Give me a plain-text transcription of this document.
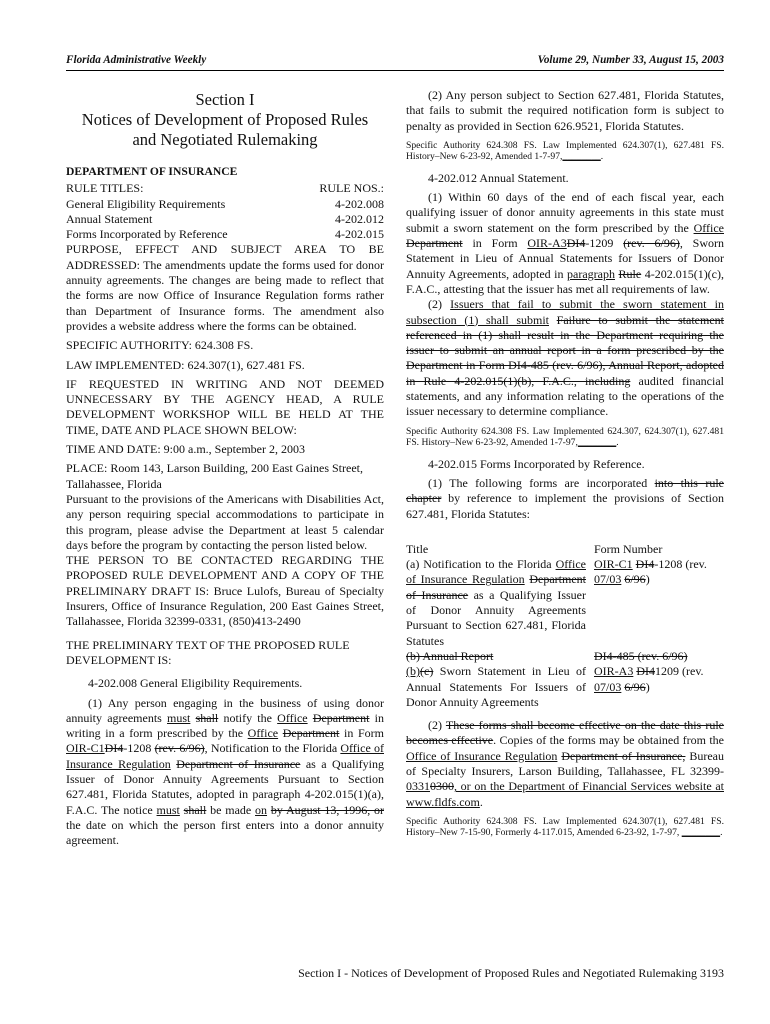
Florida Administrative Weekly	Volume 29, Number 33, August 15, 2003
Section I
Notices of Development of Proposed Rules
and Negotiated Rulemaking

DEPARTMENT OF INSURANCE

RULE TITLES:	RULE NOS.:
General Eligibility Requirements	4-202.008
Annual Statement	4-202.012
Forms Incorporated by Reference	4-202.015

PURPOSE, EFFECT AND SUBJECT AREA TO BE ADDRESSED: The amendments update the forms used for donor annuity agreements. The changes are being made to reflect that the forms are now Office of Insurance Regulation forms rather than Department of Insurance forms. The amendment also provides a website address where the forms can be obtained.

SPECIFIC AUTHORITY: 624.308 FS.

LAW IMPLEMENTED: 624.307(1), 627.481 FS.

IF REQUESTED IN WRITING AND NOT DEEMED UNNECESSARY BY THE AGENCY HEAD, A RULE DEVELOPMENT WORKSHOP WILL BE HELD AT THE TIME, DATE AND PLACE SHOWN BELOW:

TIME AND DATE: 9:00 a.m., September 2, 2003

PLACE: Room 143, Larson Building, 200 East Gaines Street, Tallahassee, Florida

Pursuant to the provisions of the Americans with Disabilities Act, any person requiring special accommodations to participate in this program, please advise the Department at least 5 calendar days before the program by contacting the person listed below.

THE PERSON TO BE CONTACTED REGARDING THE PROPOSED RULE DEVELOPMENT AND A COPY OF THE PRELIMINARY DRAFT IS: Bruce Lulofs, Bureau of Specialty Insurers, Office of Insurance Regulation, 200 East Gaines Street, Tallahassee, Florida 32399-0331, (850)413-2490

THE PRELIMINARY TEXT OF THE PROPOSED RULE DEVELOPMENT IS:

4-202.008 General Eligibility Requirements.

(1) Any person engaging in the business of using donor annuity agreements must shall notify the Office Department in writing in a form prescribed by the Office Department in Form OIR-C1DI4-1208 (rev. 6/96), Notification to the Florida Office of Insurance Regulation Department of Insurance as a Qualifying Issuer of Donor Annuity Agreements Pursuant to Section 627.481, Florida Statutes, adopted in paragraph 4-202.015(1)(a), F.A.C. The notice must shall be made on by August 13, 1996, or the date on which the person first enters into a donor annuity agreement.

(2) Any person subject to Section 627.481, Florida Statutes, that fails to submit the required notification form is subject to penalty as provided in Section 626.9521, Florida Statutes.

Specific Authority 624.308 FS. Law Implemented 624.307(1), 627.481 FS. History–New 6-23-92, Amended 1-7-97,________.

4-202.012 Annual Statement.

(1) Within 60 days of the end of each fiscal year, each qualifying issuer of donor annuity agreements in this state must submit a sworn statement on the form prescribed by the Office Department in Form OIR-A3DI4-1209 (rev. 6/96), Sworn Statement in Lieu of Annual Statements for Issuers of Donor Annuity Agreements, adopted in paragraph Rule 4-202.015(1)(c), F.A.C., attesting that the issuer has met all requirements of law.

(2) Issuers that fail to submit the sworn statement in subsection (1) shall submit Failure to submit the statement referenced in (1) shall result in the Department requiring the issuer to submit an annual report in a form prescribed by the Department in Form DI4-485 (rev. 6/96), Annual Report, adopted in Rule 4-202.015(1)(b), F.A.C., including audited financial statements, and any information relating to the operations of the issuer necessary to determine compliance.

Specific Authority 624.308 FS. Law Implemented 624.307, 624.307(1), 627.481 FS. History–New 6-23-92, Amended 1-7-97,________.

4-202.015 Forms Incorporated by Reference.

(1) The following forms are incorporated into this rule chapter by reference to implement the provisions of Section 627.481, Florida Statutes:

Title	Form Number
(a) Notification to the Florida Office of Insurance Regulation Department of Insurance as a Qualifying Issuer of Donor Annuity Agreements Pursuant to Section 627.481, Florida Statutes	OIR-C1 DI4-1208 (rev. 07/03 6/96)
(b) Annual Report	DI4-485 (rev. 6/96)
(b)(c) Sworn Statement in Lieu of Annual Statements For Issuers of Donor Annuity Agreements	OIR-A3 DI41209 (rev. 07/03 6/96)

(2) These forms shall become effective on the date this rule becomes effective. Copies of the forms may be obtained from the Office of Insurance Regulation Department of Insurance, Bureau of Specialty Insurers, Larson Building, Tallahassee, FL 32399-03310300, or on the Department of Financial Services website at www.fldfs.com.

Specific Authority 624.308 FS. Law Implemented 624.307(1), 627.481 FS. History–New 7-15-90, Formerly 4-117.015, Amended 6-23-92, 1-7-97, ________.

Section I - Notices of Development of Proposed Rules and Negotiated Rulemaking 3193
